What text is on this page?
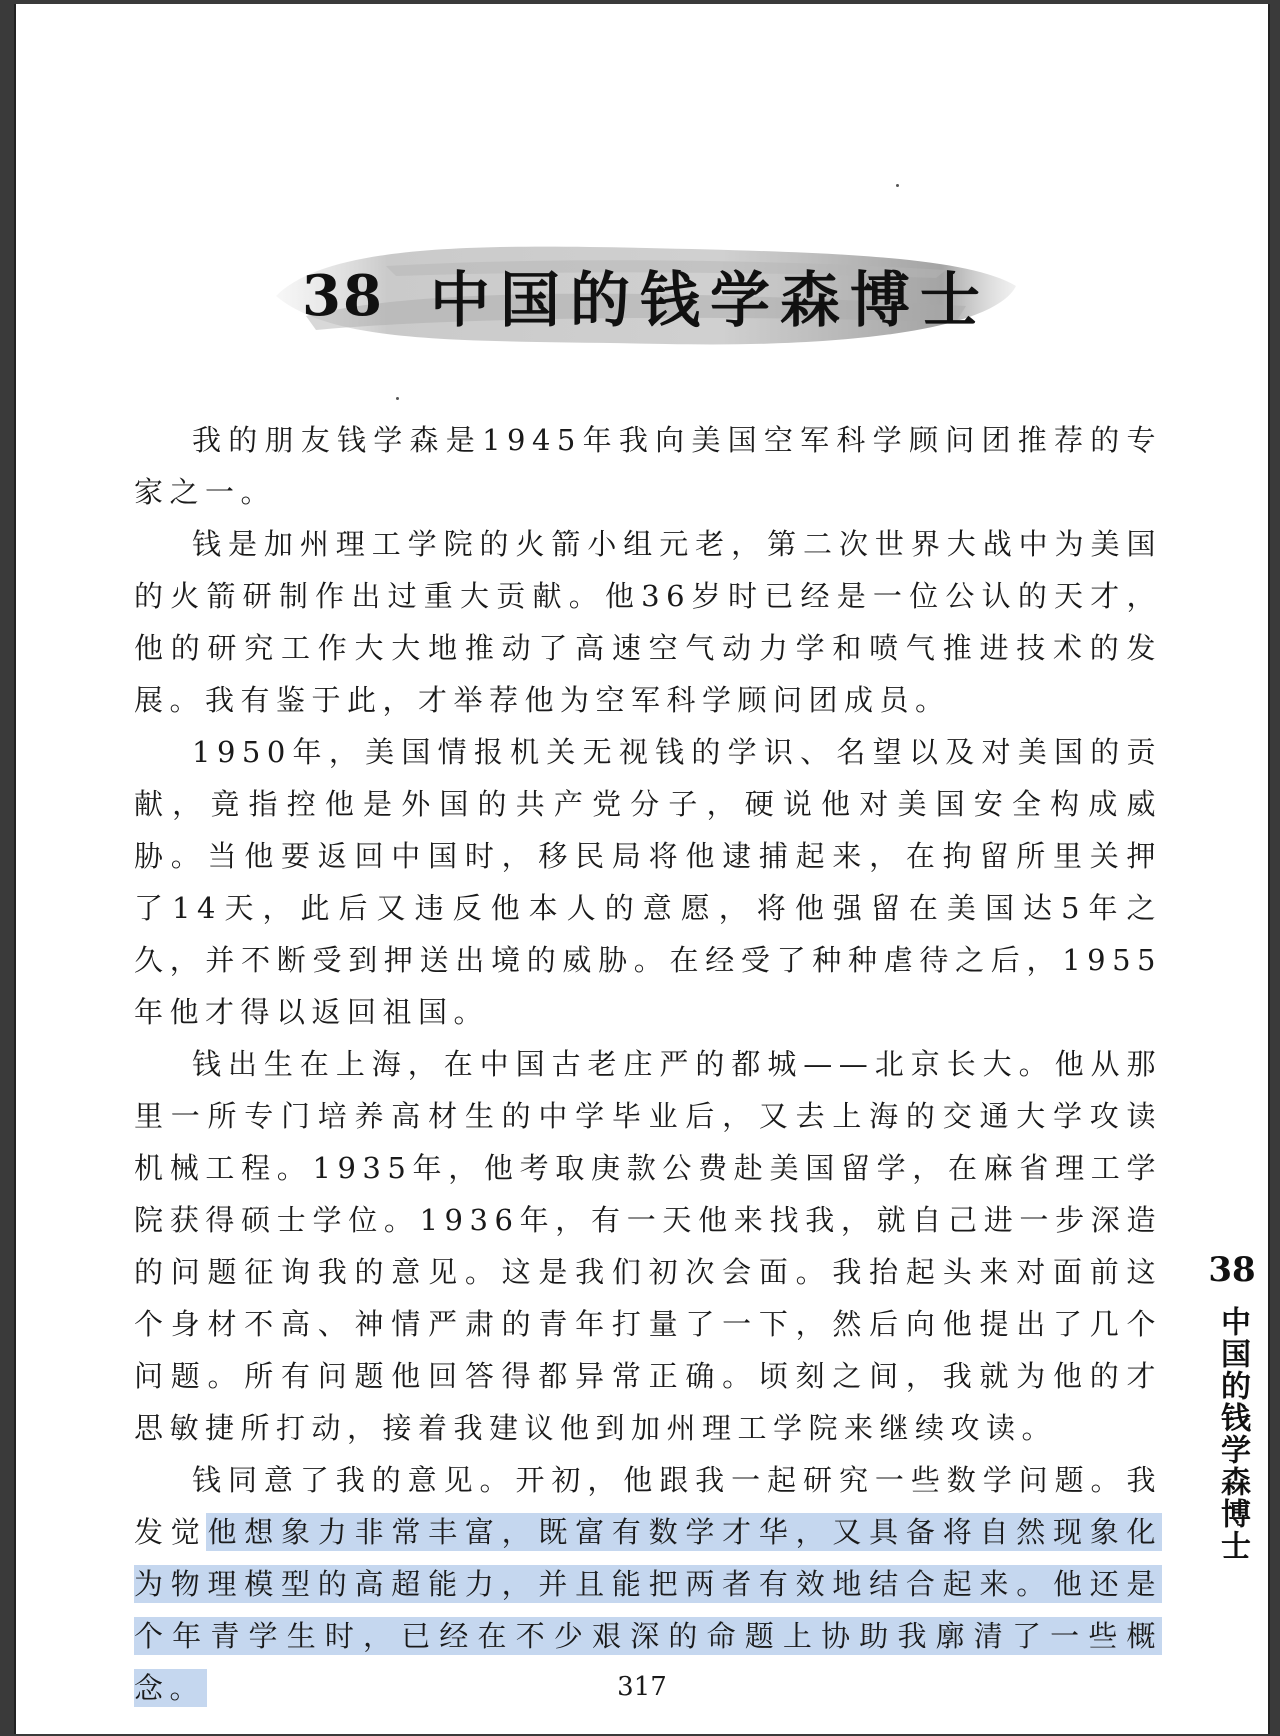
38 中国的钱学森博士

我的朋友钱学森是1945年我向美国空军科学顾问团推荐的专家之一。

钱是加州理工学院的火箭小组元老，第二次世界大战中为美国的火箭研制作出过重大贡献。他36岁时已经是一位公认的天才，他的研究工作大大地推动了高速空气动力学和喷气推进技术的发展。我有鉴于此，才举荐他为空军科学顾问团成员。

1950年，美国情报机关无视钱的学识、名望以及对美国的贡献，竟指控他是外国的共产党分子，硬说他对美国安全构成威胁。当他要返回中国时，移民局将他逮捕起来，在拘留所里关押了14天，此后又违反他本人的意愿，将他强留在美国达5年之久，并不断受到押送出境的威胁。在经受了种种虐待之后，1955年他才得以返回祖国。

钱出生在上海，在中国古老庄严的都城——北京长大。他从那里一所专门培养高材生的中学毕业后，又去上海的交通大学攻读机械工程。1935年，他考取庚款公费赴美国留学，在麻省理工学院获得硕士学位。1936年，有一天他来找我，就自己进一步深造的问题征询我的意见。这是我们初次会面。我抬起头来对面前这个身材不高、神情严肃的青年打量了一下，然后向他提出了几个问题。所有问题他回答得都异常正确。顷刻之间，我就为他的才思敏捷所打动，接着我建议他到加州理工学院来继续攻读。

钱同意了我的意见。开初，他跟我一起研究一些数学问题。我发觉他想象力非常丰富，既富有数学才华，又具备将自然现象化为物理模型的高超能力，并且能把两者有效地结合起来。他还是个年青学生时，已经在不少艰深的命题上协助我廓清了一些概念。

38
中国的钱学森博士
317
